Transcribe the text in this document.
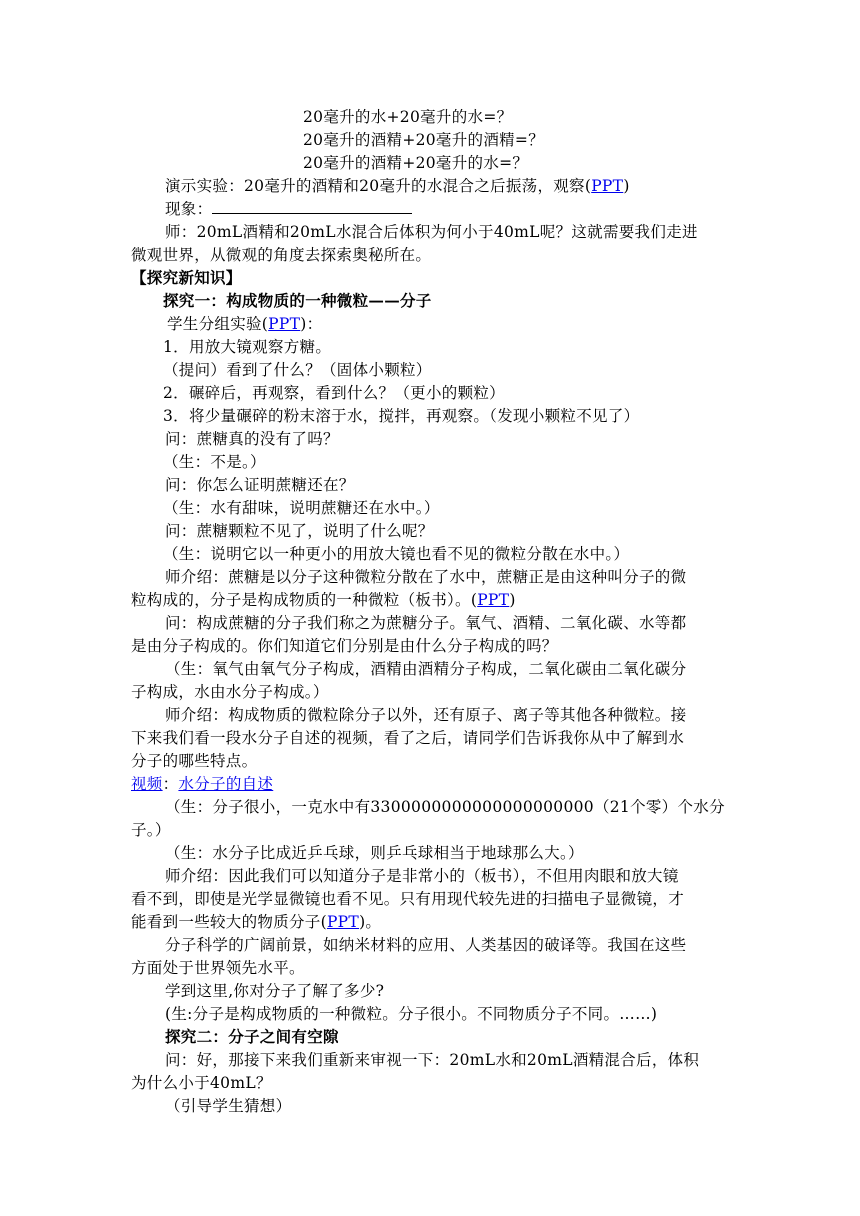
20毫升的水+20毫升的水=？
20毫升的酒精+20毫升的酒精=？
20毫升的酒精+20毫升的水=？
演示实验：20毫升的酒精和20毫升的水混合之后振荡，观察(PPT)
现象：
师：20mL酒精和20mL水混合后体积为何小于40mL呢？这就需要我们走进
微观世界，从微观的角度去探索奥秘所在。
【探究新知识】
探究一：构成物质的一种微粒——分子
学生分组实验(PPT)：
1．用放大镜观察方糖。
（提问）看到了什么？（固体小颗粒）
2．碾碎后，再观察，看到什么？（更小的颗粒）
3．将少量碾碎的粉末溶于水，搅拌，再观察。（发现小颗粒不见了）
问：蔗糖真的没有了吗？
（生：不是。）
问：你怎么证明蔗糖还在？
（生：水有甜味，说明蔗糖还在水中。）
问：蔗糖颗粒不见了，说明了什么呢？
（生：说明它以一种更小的用放大镜也看不见的微粒分散在水中。）
师介绍：蔗糖是以分子这种微粒分散在了水中，蔗糖正是由这种叫分子的微
粒构成的，分子是构成物质的一种微粒（板书）。(PPT)
问：构成蔗糖的分子我们称之为蔗糖分子。氧气、酒精、二氧化碳、水等都
是由分子构成的。你们知道它们分别是由什么分子构成的吗？
（生：氧气由氧气分子构成，酒精由酒精分子构成，二氧化碳由二氧化碳分
子构成，水由水分子构成。）
师介绍：构成物质的微粒除分子以外，还有原子、离子等其他各种微粒。接
下来我们看一段水分子自述的视频，看了之后，请同学们告诉我你从中了解到水
分子的哪些特点。
视频：水分子的自述
（生：分子很小，一克水中有3300000000000000000000（21个零）个水分
子。）
（生：水分子比成近乒乓球，则乒乓球相当于地球那么大。）
师介绍：因此我们可以知道分子是非常小的（板书），不但用肉眼和放大镜
看不到，即使是光学显微镜也看不见。只有用现代较先进的扫描电子显微镜，才
能看到一些较大的物质分子(PPT)。
分子科学的广阔前景，如纳米材料的应用、人类基因的破译等。我国在这些
方面处于世界领先水平。
学到这里,你对分子了解了多少?
(生:分子是构成物质的一种微粒。分子很小。不同物质分子不同。……)
探究二：分子之间有空隙
问：好，那接下来我们重新来审视一下：20mL水和20mL酒精混合后，体积
为什么小于40mL？
（引导学生猜想）
